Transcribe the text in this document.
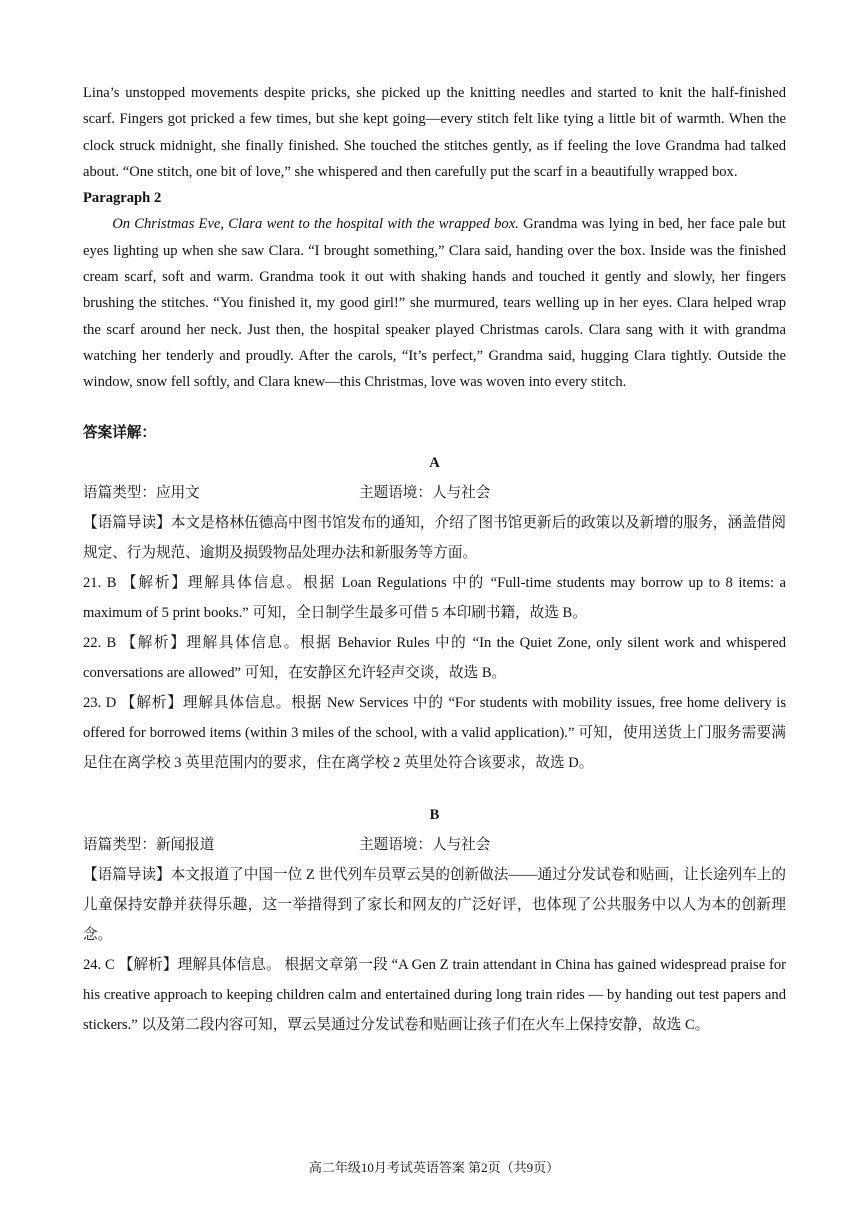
Lina’s unstopped movements despite pricks, she picked up the knitting needles and started to knit the half-finished scarf. Fingers got pricked a few times, but she kept going—every stitch felt like tying a little bit of warmth. When the clock struck midnight, she finally finished. She touched the stitches gently, as if feeling the love Grandma had talked about. “One stitch, one bit of love,” she whispered and then carefully put the scarf in a beautifully wrapped box.

Paragraph 2

On Christmas Eve, Clara went to the hospital with the wrapped box. Grandma was lying in bed, her face pale but eyes lighting up when she saw Clara. “I brought something,” Clara said, handing over the box. Inside was the finished cream scarf, soft and warm. Grandma took it out with shaking hands and touched it gently and slowly, her fingers brushing the stitches. “You finished it, my good girl!” she murmured, tears welling up in her eyes. Clara helped wrap the scarf around her neck. Just then, the hospital speaker played Christmas carols. Clara sang with it with grandma watching her tenderly and proudly. After the carols, “It’s perfect,” Grandma said, hugging Clara tightly. Outside the window, snow fell softly, and Clara knew—this Christmas, love was woven into every stitch.

答案详解：
A
语篇类型：应用文	主题语境：人与社会

【语篇导读】本文是格林伍德高中图书馆发布的通知，介绍了图书馆更新后的政策以及新增的服务，涵盖借阅规定、行为规范、逾期及损毁物品处理办法和新服务等方面。

21. B 【解析】理解具体信息。根据 Loan Regulations 中的 “Full-time students may borrow up to 8 items: a maximum of 5 print books.” 可知，全日制学生最多可借 5 本印刷书籍，故选 B。

22. B 【解析】理解具体信息。根据 Behavior Rules 中的 “In the Quiet Zone, only silent work and whispered conversations are allowed” 可知，在安静区允许轻声交谈，故选 B。

23. D 【解析】理解具体信息。根据 New Services 中的 “For students with mobility issues, free home delivery is offered for borrowed items (within 3 miles of the school, with a valid application).” 可知，使用送货上门服务需要满足住在离学校 3 英里范围内的要求，住在离学校 2 英里处符合该要求，故选 D。

B
语篇类型：新闻报道	主题语境：人与社会

【语篇导读】本文报道了中国一位 Z 世代列车员覃云昊的创新做法——通过分发试卷和贴画，让长途列车上的儿童保持安静并获得乐趣，这一举措得到了家长和网友的广泛好评，也体现了公共服务中以人为本的创新理念。

24. C 【解析】理解具体信息。 根据文章第一段 “A Gen Z train attendant in China has gained widespread praise for his creative approach to keeping children calm and entertained during long train rides — by handing out test papers and stickers.” 以及第二段内容可知，覃云昊通过分发试卷和贴画让孩子们在火车上保持安静，故选 C。

高二年级10月考试英语答案 第2页（共9页）
